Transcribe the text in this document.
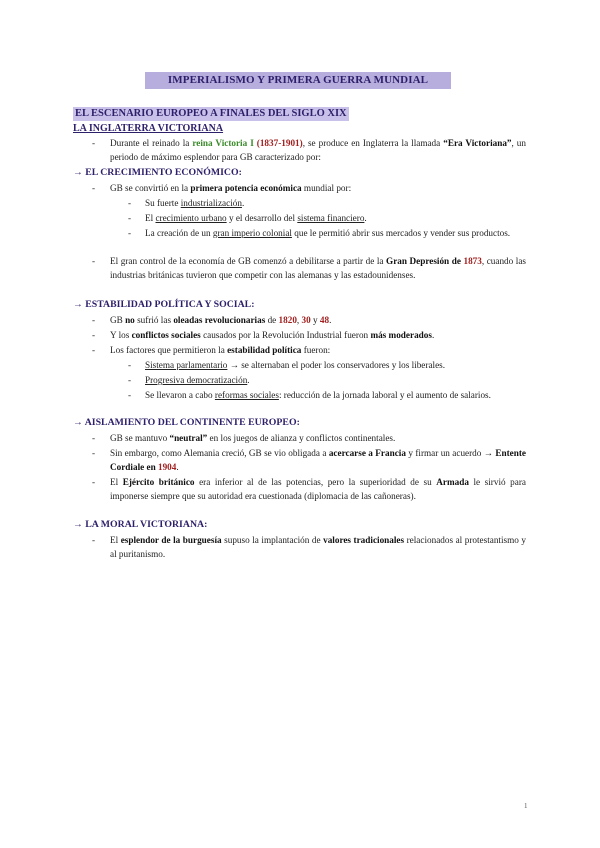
IMPERIALISMO Y PRIMERA GUERRA MUNDIAL
EL ESCENARIO EUROPEO A FINALES DEL SIGLO XIX
LA INGLATERRA VICTORIANA
- Durante el reinado la reina Victoria I (1837-1901), se produce en Inglaterra la llamada “Era Victoriana”, un periodo de máximo esplendor para GB caracterizado por:
→ EL CRECIMIENTO ECONÓMICO:
- GB se convirtió en la primera potencia económica mundial por:
- Su fuerte industrialización.
- El crecimiento urbano y el desarrollo del sistema financiero.
- La creación de un gran imperio colonial que le permitió abrir sus mercados y vender sus productos.
- El gran control de la economía de GB comenzó a debilitarse a partir de la Gran Depresión de 1873, cuando las industrias británicas tuvieron que competir con las alemanas y las estadounidenses.
→ ESTABILIDAD POLÍTICA Y SOCIAL:
- GB no sufrió las oleadas revolucionarias de 1820, 30 y 48.
- Y los conflictos sociales causados por la Revolución Industrial fueron más moderados.
- Los factores que permitieron la estabilidad política fueron:
- Sistema parlamentario → se alternaban el poder los conservadores y los liberales.
- Progresiva democratización.
- Se llevaron a cabo reformas sociales: reducción de la jornada laboral y el aumento de salarios.
→ AISLAMIENTO DEL CONTINENTE EUROPEO:
- GB se mantuvo “neutral” en los juegos de alianza y conflictos continentales.
- Sin embargo, como Alemania creció, GB se vio obligada a acercarse a Francia y firmar un acuerdo → Entente Cordiale en 1904.
- El Ejército británico era inferior al de las potencias, pero la superioridad de su Armada le sirvió para imponerse siempre que su autoridad era cuestionada (diplomacia de las cañoneras).
→ LA MORAL VICTORIANA:
- El esplendor de la burguesía supuso la implantación de valores tradicionales relacionados al protestantismo y al puritanismo.
1
